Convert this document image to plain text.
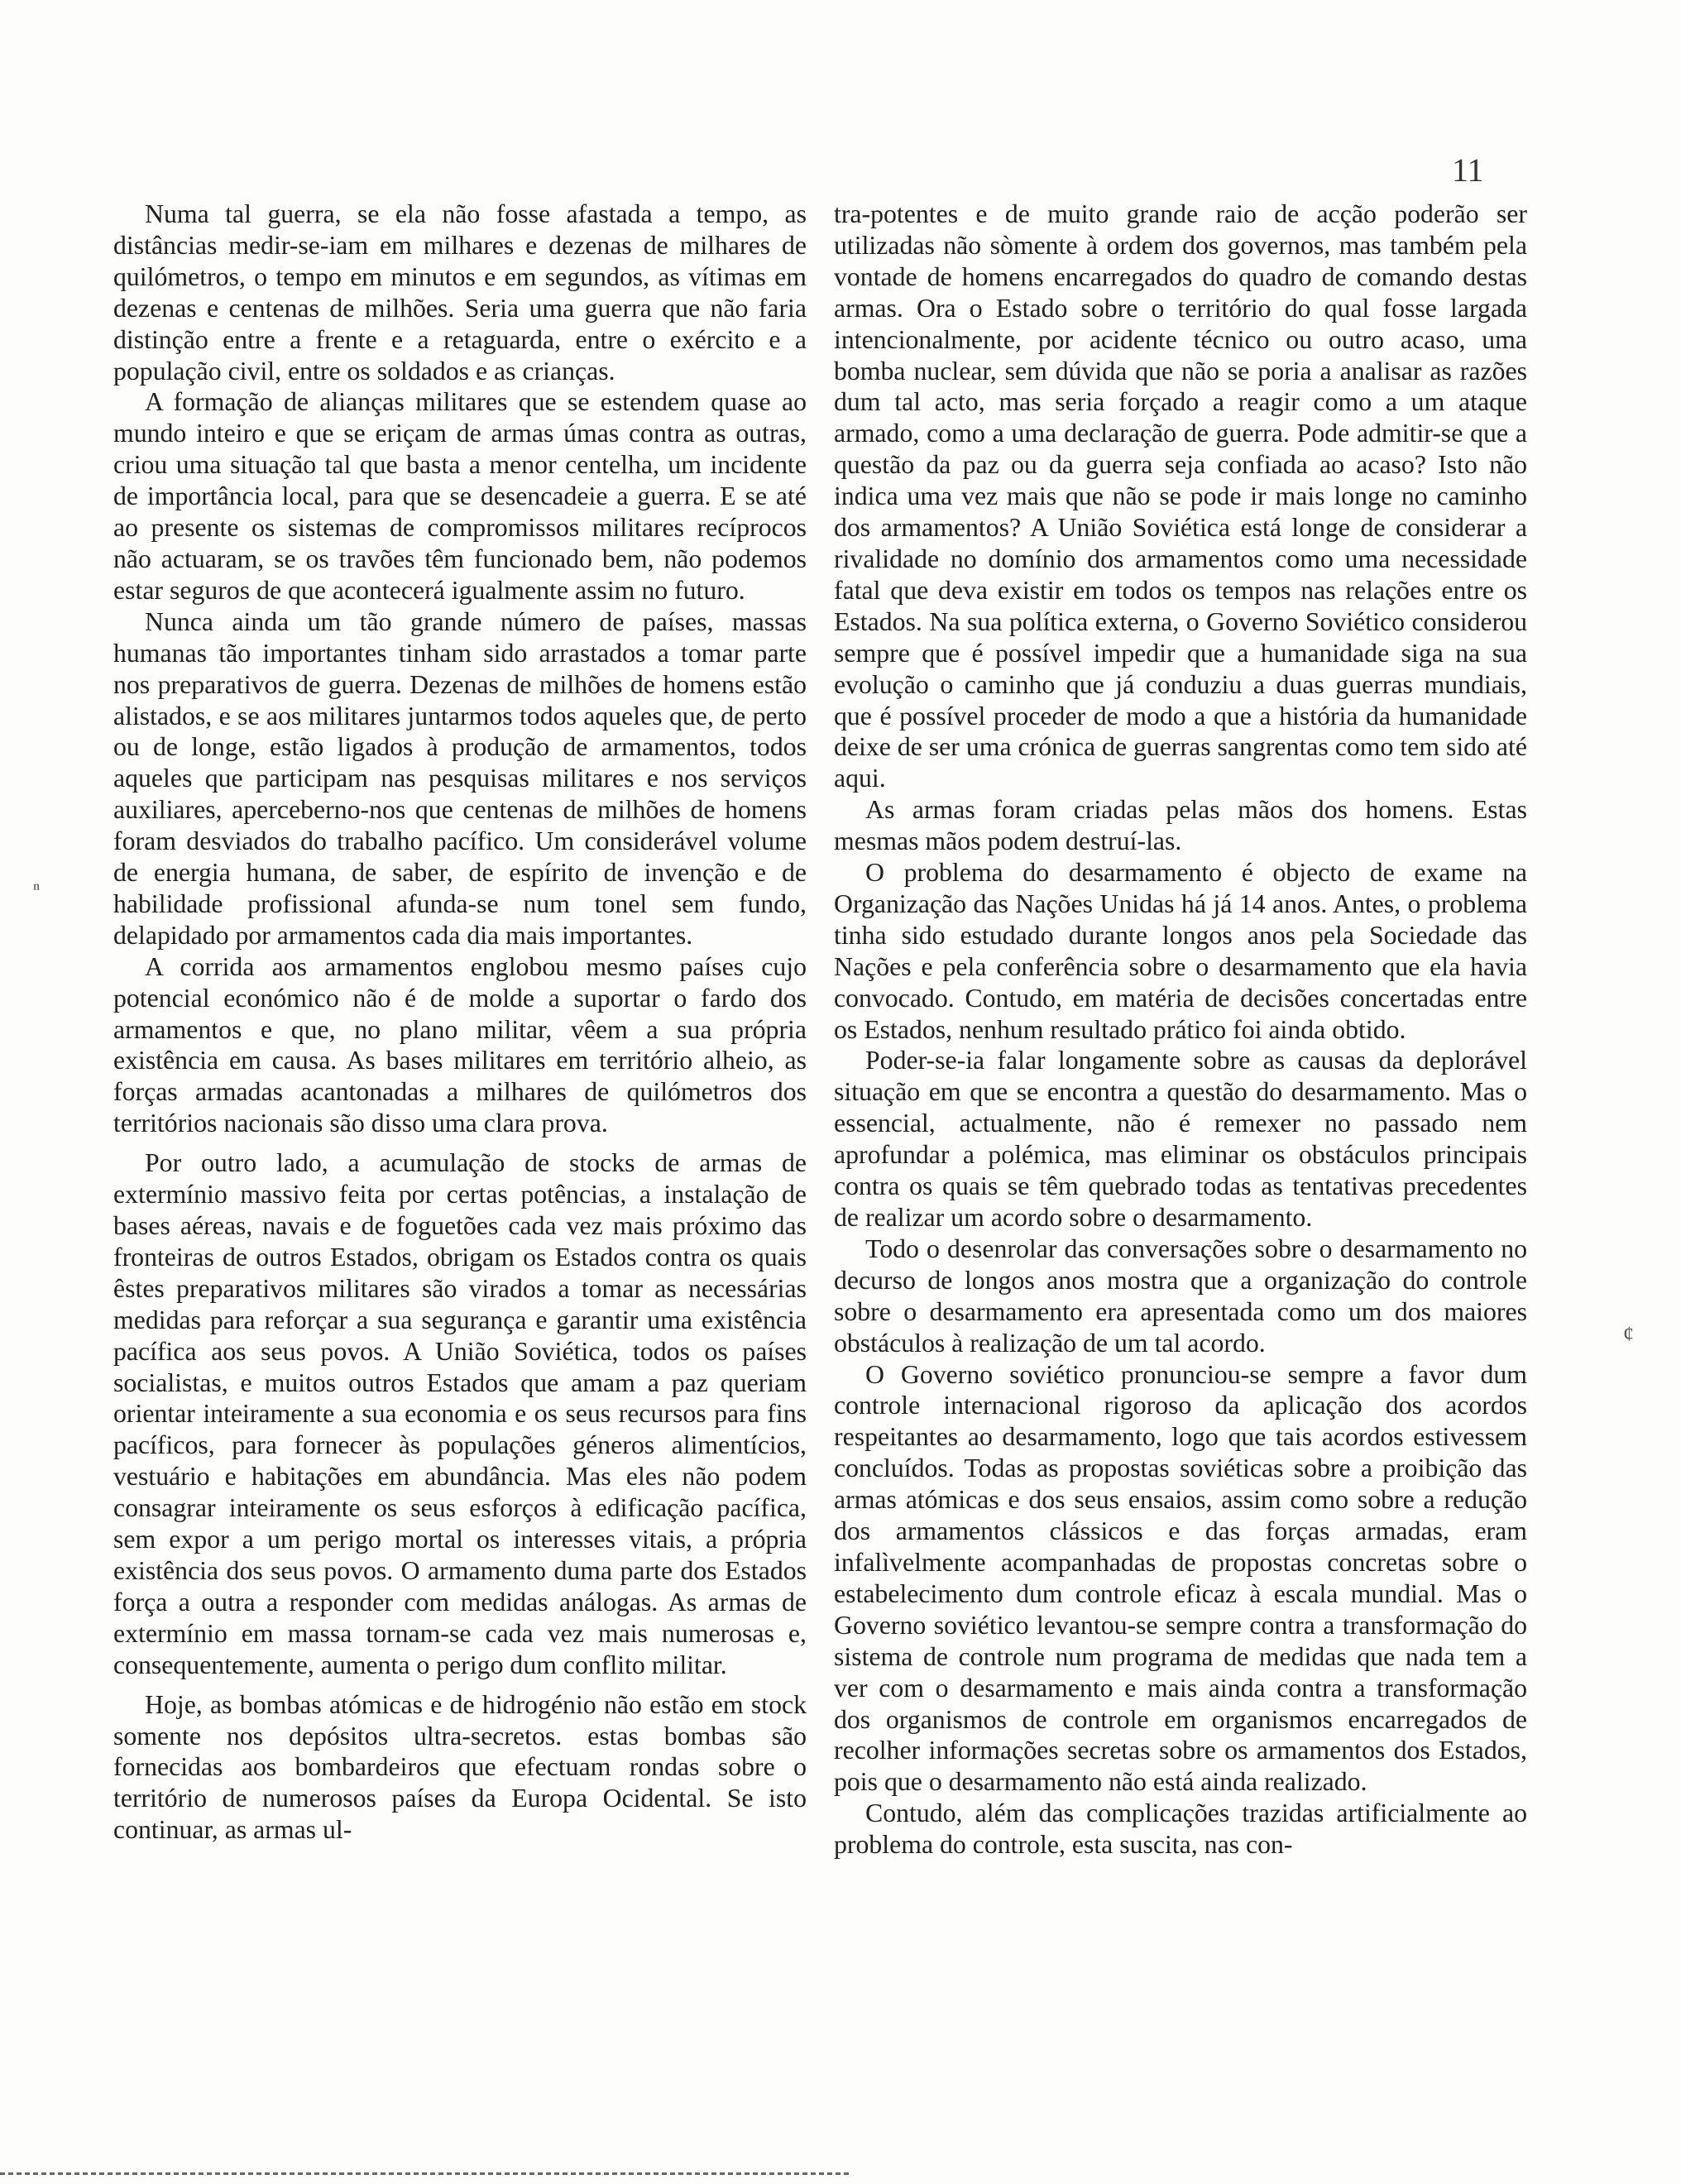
11
ⁿ
¢

Numa tal guerra, se ela não fosse afastada a tempo, as distâncias medir-se-iam em milhares e dezenas de milhares de quilómetros, o tempo em minutos e em segundos, as vítimas em dezenas e centenas de milhões. Seria uma guerra que não faria distinção entre a frente e a retaguarda, entre o exército e a população civil, entre os soldados e as crianças.

A formação de alianças militares que se estendem quase ao mundo inteiro e que se eriçam de armas úmas contra as outras, criou uma situação tal que basta a menor centelha, um incidente de importância local, para que se desencadeie a guerra. E se até ao presente os sistemas de compromissos militares recíprocos não actuaram, se os travões têm funcionado bem, não podemos estar seguros de que acontecerá igualmente assim no futuro.

Nunca ainda um tão grande número de países, massas humanas tão importantes tinham sido arrastados a tomar parte nos preparativos de guerra. Dezenas de milhões de homens estão alistados, e se aos militares juntarmos todos aqueles que, de perto ou de longe, estão ligados à produção de armamentos, todos aqueles que participam nas pesquisas militares e nos serviços auxiliares, aperceberno-nos que centenas de milhões de homens foram desviados do trabalho pacífico. Um considerável volume de energia humana, de saber, de espírito de invenção e de habilidade profissional afunda-se num tonel sem fundo, delapidado por armamentos cada dia mais importantes.

A corrida aos armamentos englobou mesmo países cujo potencial económico não é de molde a suportar o fardo dos armamentos e que, no plano militar, vêem a sua própria existência em causa. As bases militares em território alheio, as forças armadas acantonadas a milhares de quilómetros dos territórios nacionais são disso uma clara prova.

Por outro lado, a acumulação de stocks de armas de extermínio massivo feita por certas potências, a instalação de bases aéreas, navais e de foguetões cada vez mais próximo das fronteiras de outros Estados, obrigam os Estados contra os quais êstes preparativos militares são virados a tomar as necessárias medidas para reforçar a sua segurança e garantir uma existência pacífica aos seus povos. A União Soviética, todos os países socialistas, e muitos outros Estados que amam a paz queriam orientar inteiramente a sua economia e os seus recursos para fins pacíficos, para fornecer às populações géneros alimentícios, vestuário e habitações em abundância. Mas eles não podem consagrar inteiramente os seus esforços à edificação pacífica, sem expor a um perigo mortal os interesses vitais, a própria existência dos seus povos. O armamento duma parte dos Estados força a outra a responder com medidas análogas. As armas de extermínio em massa tornam-se cada vez mais numerosas e, consequentemente, aumenta o perigo dum conflito militar.

Hoje, as bombas atómicas e de hidrogénio não estão em stock somente nos depósitos ultra-secretos. estas bombas são fornecidas aos bombardeiros que efectuam rondas sobre o território de numerosos países da Europa Ocidental. Se isto continuar, as armas ul-

tra-potentes e de muito grande raio de acção poderão ser utilizadas não sòmente à ordem dos governos, mas também pela vontade de homens encarregados do quadro de comando destas armas. Ora o Estado sobre o território do qual fosse largada intencionalmente, por acidente técnico ou outro acaso, uma bomba nuclear, sem dúvida que não se poria a analisar as razões dum tal acto, mas seria forçado a reagir como a um ataque armado, como a uma declaração de guerra. Pode admitir-se que a questão da paz ou da guerra seja confiada ao acaso? Isto não indica uma vez mais que não se pode ir mais longe no caminho dos armamentos? A União Soviética está longe de considerar a rivalidade no domínio dos armamentos como uma necessidade fatal que deva existir em todos os tempos nas relações entre os Estados. Na sua política externa, o Governo Soviético considerou sempre que é possível impedir que a humanidade siga na sua evolução o caminho que já conduziu a duas guerras mundiais, que é possível proceder de modo a que a história da humanidade deixe de ser uma crónica de guerras sangrentas como tem sido até aqui.

As armas foram criadas pelas mãos dos homens. Estas mesmas mãos podem destruí-las.

O problema do desarmamento é objecto de exame na Organização das Nações Unidas há já 14 anos. Antes, o problema tinha sido estudado durante longos anos pela Sociedade das Nações e pela conferência sobre o desarmamento que ela havia convocado. Contudo, em matéria de decisões concertadas entre os Estados, nenhum resultado prático foi ainda obtido.

Poder-se-ia falar longamente sobre as causas da deplorável situação em que se encontra a questão do desarmamento. Mas o essencial, actualmente, não é remexer no passado nem aprofundar a polémica, mas eliminar os obstáculos principais contra os quais se têm quebrado todas as tentativas precedentes de realizar um acordo sobre o desarmamento.

Todo o desenrolar das conversações sobre o desarmamento no decurso de longos anos mostra que a organização do controle sobre o desarmamento era apresentada como um dos maiores obstáculos à realização de um tal acordo.

O Governo soviético pronunciou-se sempre a favor dum controle internacional rigoroso da aplicação dos acordos respeitantes ao desarmamento, logo que tais acordos estivessem concluídos. Todas as propostas soviéticas sobre a proibição das armas atómicas e dos seus ensaios, assim como sobre a redução dos armamentos clássicos e das forças armadas, eram infalìvelmente acompanhadas de propostas concretas sobre o estabelecimento dum controle eficaz à escala mundial. Mas o Governo soviético levantou-se sempre contra a transformação do sistema de controle num programa de medidas que nada tem a ver com o desarmamento e mais ainda contra a transformação dos organismos de controle em organismos encarregados de recolher informações secretas sobre os armamentos dos Estados, pois que o desarmamento não está ainda realizado.

Contudo, além das complicações trazidas artificialmente ao problema do controle, esta suscita, nas con-
